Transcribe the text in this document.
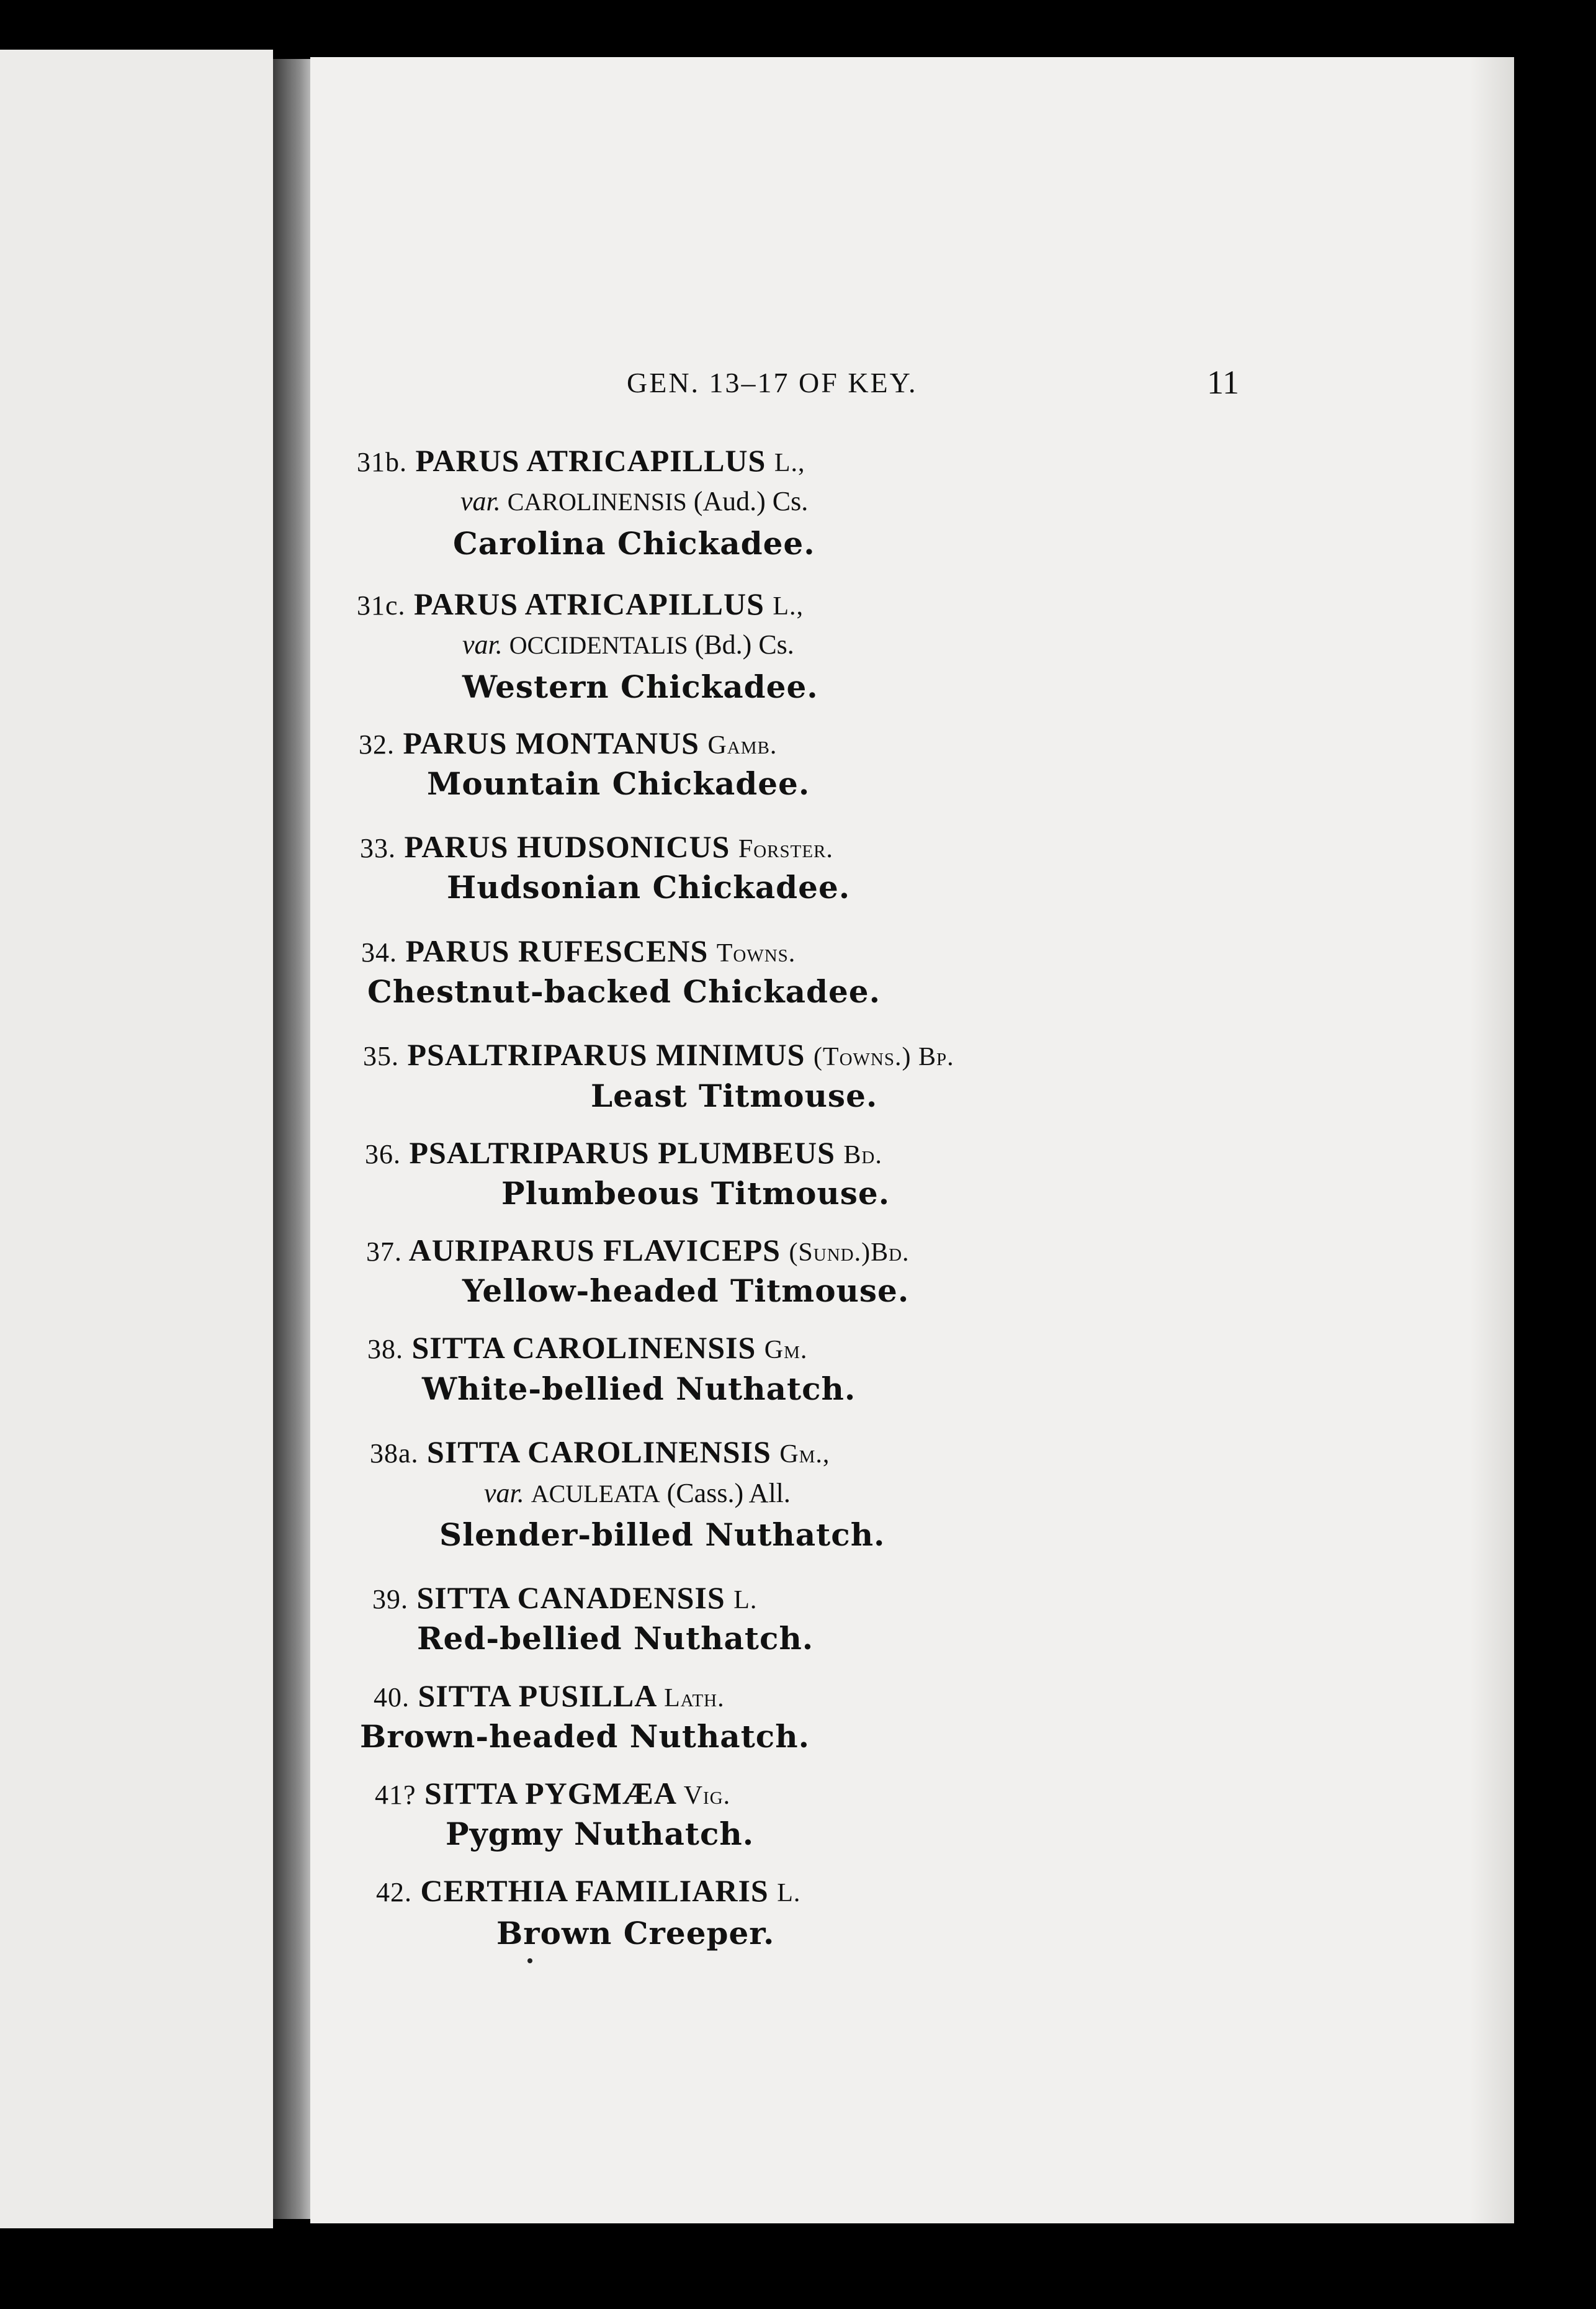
GEN. 13–17 OF KEY.	11
31b. PARUS ATRICAPILLUS L.,
var. CAROLINENSIS (Aud.) Cs.
Carolina Chickadee.
31c. PARUS ATRICAPILLUS L.,
var. OCCIDENTALIS (Bd.) Cs.
Western Chickadee.
32. PARUS MONTANUS Gamb.
Mountain Chickadee.
33. PARUS HUDSONICUS Forster.
Hudsonian Chickadee.
34. PARUS RUFESCENS Towns.
Chestnut-backed Chickadee.
35. PSALTRIPARUS MINIMUS (Towns.) Bp.
Least Titmouse.
36. PSALTRIPARUS PLUMBEUS Bd.
Plumbeous Titmouse.
37. AURIPARUS FLAVICEPS (Sund.)Bd.
Yellow-headed Titmouse.
38. SITTA CAROLINENSIS Gm.
White-bellied Nuthatch.
38a. SITTA CAROLINENSIS Gm.,
var. ACULEATA (Cass.) All.
Slender-billed Nuthatch.
39. SITTA CANADENSIS L.
Red-bellied Nuthatch.
40. SITTA PUSILLA Lath.
Brown-headed Nuthatch.
41? SITTA PYGMÆA Vig.
Pygmy Nuthatch.
42. CERTHIA FAMILIARIS L.
Brown Creeper.
